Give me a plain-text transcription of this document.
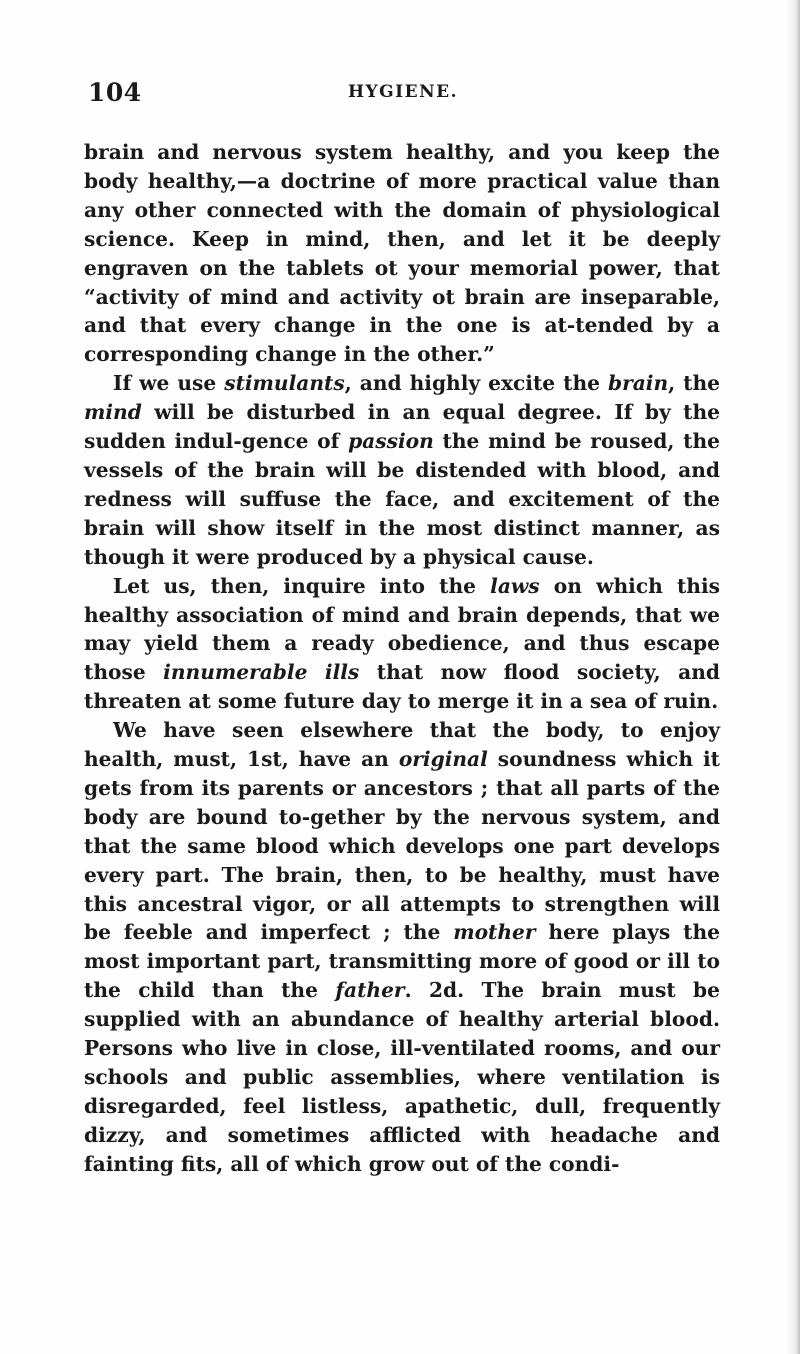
104	HYGIENE.

brain and nervous system healthy, and you keep the body healthy,—a doctrine of more practical value than any other connected with the domain of physiological science. Keep in mind, then, and let it be deeply engraven on the tablets ot your memorial power, that “activity of mind and activity ot brain are inseparable, and that every change in the one is at-tended by a corresponding change in the other.”

If we use stimulants, and highly excite the brain, the mind will be disturbed in an equal degree. If by the sudden indul-gence of passion the mind be roused, the vessels of the brain will be distended with blood, and redness will suffuse the face, and excitement of the brain will show itself in the most distinct manner, as though it were produced by a physical cause.

Let us, then, inquire into the laws on which this healthy association of mind and brain depends, that we may yield them a ready obedience, and thus escape those innumerable ills that now flood society, and threaten at some future day to merge it in a sea of ruin.

We have seen elsewhere that the body, to enjoy health, must, 1st, have an original soundness which it gets from its parents or ancestors ; that all parts of the body are bound to-gether by the nervous system, and that the same blood which develops one part develops every part. The brain, then, to be healthy, must have this ancestral vigor, or all attempts to strengthen will be feeble and imperfect ; the mother here plays the most important part, transmitting more of good or ill to the child than the father. 2d. The brain must be supplied with an abundance of healthy arterial blood. Persons who live in close, ill-ventilated rooms, and our schools and public assemblies, where ventilation is disregarded, feel listless, apathetic, dull, frequently dizzy, and sometimes afflicted with headache and fainting fits, all of which grow out of the condi-
